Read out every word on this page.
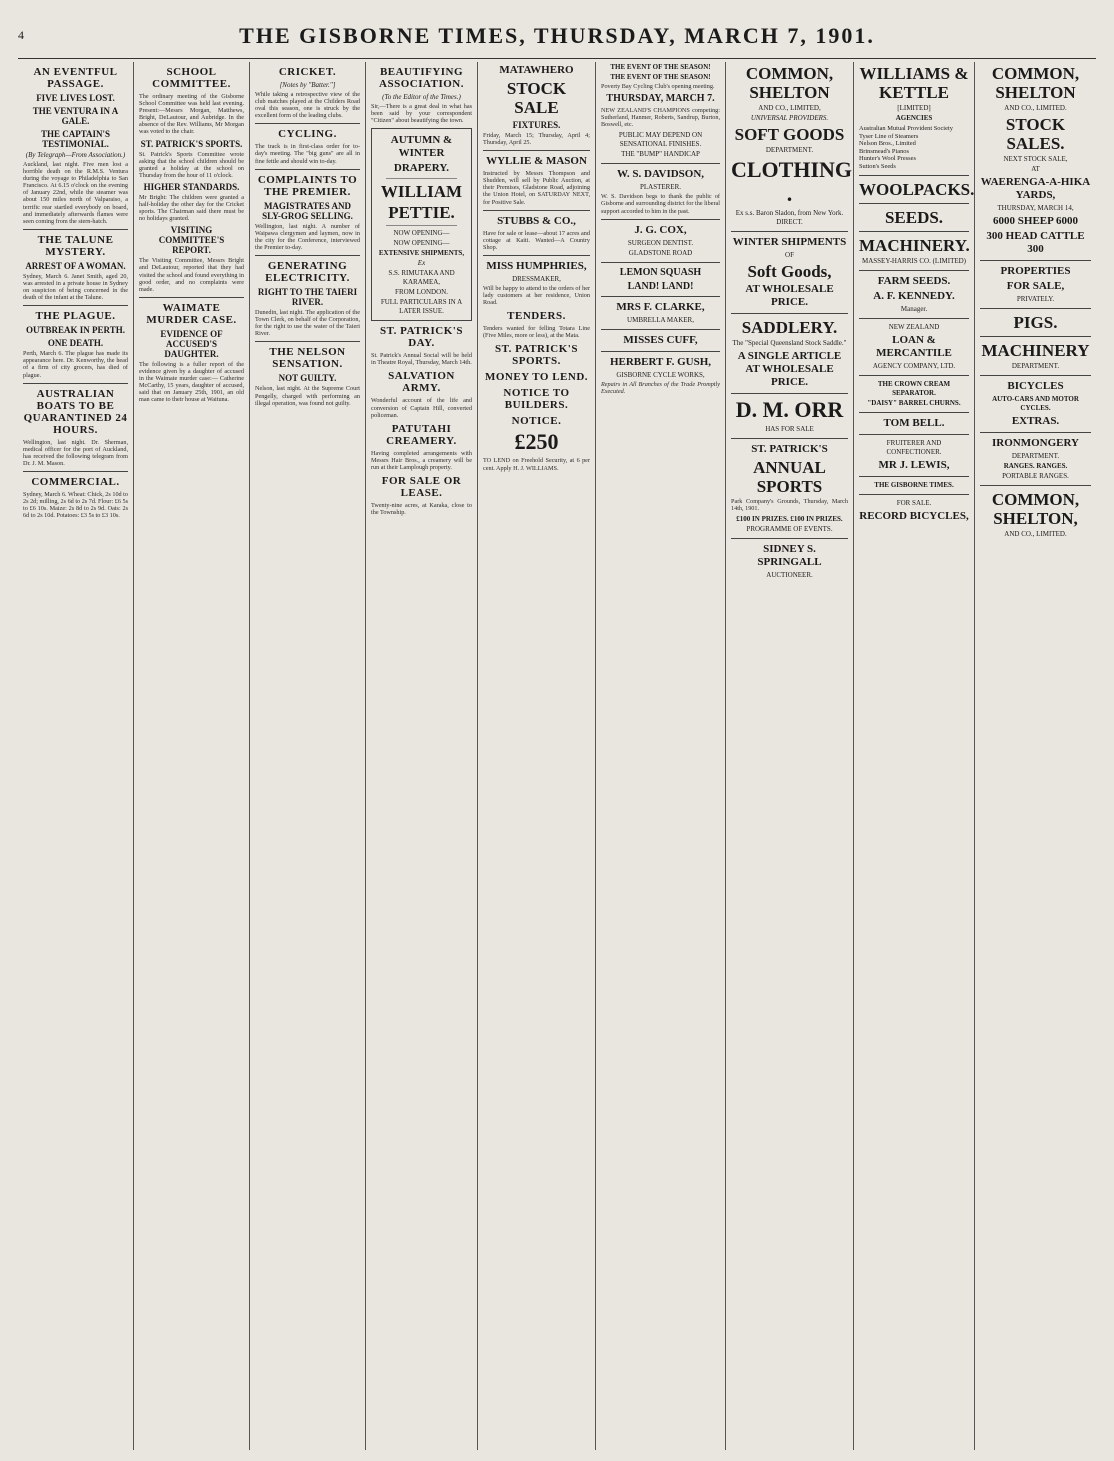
4	THE GISBORNE TIMES, THURSDAY, MARCH 7, 1901.
AN EVENTFUL PASSAGE.
FIVE LIVES LOST.
THE VENTURA IN A GALE.
THE CAPTAIN'S TESTIMONIAL.
(By Telegraph—From Association.)

Auckland, last night. Five men lost a horrible death on the R.M.S. Ventura during the voyage to Philadelphia to San Francisco. At 6.15 o'clock on the evening of January 22nd, while the steamer was about 150 miles north of Valparaiso, a terrific rear startled everybody on board, and immediately afterwards flames were seen coming from the stern-hatch.

THE TALUNE MYSTERY.
ARREST OF A WOMAN.

Sydney, March 6. Janet Smith, aged 20, was arrested in a private house in Sydney on suspicion of being concerned in the death of the infant at the Talune.

THE PLAGUE.
OUTBREAK IN PERTH.
ONE DEATH.

Perth, March 6. The plague has made its appearance here. Dr. Kenworthy, the head of a firm of city grocers, has died of plague.

AUSTRALIAN BOATS TO BE QUARANTINED 24 HOURS.

Wellington, last night. Dr. Sherman, medical officer for the port of Auckland, has received the following telegram from Dr. J. M. Mason.

COMMERCIAL.

Sydney, March 6. Wheat: Chick, 2s 10d to 2s 2d; milling, 2s 6d to 2s 7d. Flour: £6 5s to £6 10s. Maize: 2s 8d to 2s 9d. Oats: 2s 6d to 2s 10d. Potatoes: £3 5s to £3 10s.

SCHOOL COMMITTEE.

The ordinary meeting of the Gisborne School Committee was held last evening. Present:—Messrs Morgan, Matthews, Bright, DeLautour, and Aubridge. In the absence of the Rev. Williams, Mr Morgan was voted to the chair.

ST. PATRICK'S SPORTS.

St. Patrick's Sports Committee wrote asking that the school children should be granted a holiday at the school on Thursday from the hour of 11 o'clock.

HIGHER STANDARDS.

Mr Bright: The children were granted a half-holiday the other day for the Cricket sports. The Chairman said there must be no holidays granted.

VISITING COMMITTEE'S REPORT.

The Visiting Committee, Messrs Bright and DeLautour, reported that they had visited the school and found everything in good order, and no complaints were made.

WAIMATE MURDER CASE.
EVIDENCE OF ACCUSED'S DAUGHTER.

The following is a fuller report of the evidence given by a daughter of accused in the Waimate murder case:— Catherine McCarthy, 15 years, daughter of accused, said that on January 25th, 1901, an old man came to their house at Waituna.

CRICKET.
[Notes by "Batter."]

While taking a retrospective view of the club matches played at the Childers Road oval this season, one is struck by the excellent form of the leading clubs.

CYCLING.

The track is in first-class order for to-day's meeting. The "big guns" are all in fine fettle and should win to-day.

COMPLAINTS TO THE PREMIER.
MAGISTRATES AND SLY-GROG SELLING.

Wellington, last night. A number of Waipawa clergymen and laymen, now in the city for the Conference, interviewed the Premier to-day.

GENERATING ELECTRICITY.
RIGHT TO THE TAIERI RIVER.

Dunedin, last night. The application of the Town Clerk, on behalf of the Corporation, for the right to use the water of the Taieri River.

THE NELSON SENSATION.
NOT GUILTY.

Nelson, last night. At the Supreme Court Pengelly, charged with performing an illegal operation, was found not guilty.

BEAUTIFYING ASSOCIATION.
(To the Editor of the Times.)

Sir,—There is a great deal in what has been said by your correspondent "Citizen" about beautifying the town.

AUTUMN & WINTER
DRAPERY.
WILLIAM
PETTIE.
NOW OPENING—
NOW OPENING—
EXTENSIVE SHIPMENTS,
Ex
S.S. RIMUTAKA AND KARAMEA,
FROM LONDON.
FULL PARTICULARS IN A LATER ISSUE.
ST. PATRICK'S DAY.

St. Patrick's Annual Social will be held in Theatre Royal, Thursday, March 14th.

SALVATION ARMY.

Wonderful account of the life and conversion of Captain Hill, converted policeman.

PATUTAHI CREAMERY.

Having completed arrangements with Messrs Hair Bros., a creamery will be run at their Lamplough property.

FOR SALE OR LEASE.

Twenty-nine acres, at Karaka, close to the Township.

MATAWHERO
STOCK SALE
FIXTURES.

Friday, March 15; Thursday, April 4; Thursday, April 25.

WYLLIE & MASON

Instructed by Messrs Thompson and Shudden, will sell by Public Auction, at their Premises, Gladstone Road, adjoining the Union Hotel, on SATURDAY NEXT, for Positive Sale.

STUBBS & CO.,

Have for sale or lease—about 17 acres and cottage at Kaiti. Wanted—A Country Shop.

MISS HUMPHRIES,
DRESSMAKER,

Will be happy to attend to the orders of her lady customers at her residence, Union Road.

TENDERS.

Tenders wanted for felling Totara Line (Five Miles, more or less), at the Mata.

ST. PATRICK'S SPORTS.
MONEY TO LEND.
NOTICE TO BUILDERS.
NOTICE.
£250

TO LEND on Freehold Security, at 6 per cent. Apply H. J. WILLIAMS.

THE EVENT OF THE SEASON!
THE EVENT OF THE SEASON!

Poverty Bay Cycling Club's opening meeting.

THURSDAY, MARCH 7.

NEW ZEALAND'S CHAMPIONS competing: Sutherland, Hanmer, Roberts, Sandrup, Burton, Boswell, etc.

PUBLIC MAY DEPEND ON SENSATIONAL FINISHES.
THE "BUMP" HANDICAP
W. S. DAVIDSON,
PLASTERER.

W. S. Davidson begs to thank the public of Gisborne and surrounding district for the liberal support accorded to him in the past.

J. G. COX,
SURGEON DENTIST.
GLADSTONE ROAD
LEMON SQUASH
LAND! LAND!
MRS F. CLARKE,
UMBRELLA MAKER,
MISSES CUFF,
HERBERT F. GUSH,
GISBORNE CYCLE WORKS,

Repairs in All Branches of the Trade Promptly Executed.

COMMON, SHELTON
AND CO., LIMITED,
UNIVERSAL PROVIDERS.
SOFT GOODS
DEPARTMENT.
CLOTHING .
Ex s.s. Baron Sladon, from New York. DIRECT.
WINTER SHIPMENTS
OF
Soft Goods,
AT WHOLESALE PRICE.
SADDLERY.
The "Special Queensland Stock Saddle."
A SINGLE ARTICLE AT WHOLESALE PRICE.
D. M. ORR
HAS FOR SALE
ST. PATRICK'S
ANNUAL SPORTS

Park Company's Grounds, Thursday, March 14th, 1901.

£100 IN PRIZES. £100 IN PRIZES.
PROGRAMME OF EVENTS.
SIDNEY S. SPRINGALL
AUCTIONEER.
WILLIAMS & KETTLE
[LIMITED]
AGENCIES
Australian Mutual Provident Society
Tyser Line of Steamers
Nelson Bros., Limited
Brinsmead's Pianos
Hunter's Wool Presses
Sutton's Seeds
WOOLPACKS.
SEEDS.
MACHINERY.
MASSEY-HARRIS CO. (LIMITED)
FARM SEEDS.
A. F. KENNEDY.
Manager.
NEW ZEALAND
LOAN & MERCANTILE
AGENCY COMPANY, LTD.
THE CROWN CREAM SEPARATOR.
"DAISY" BARREL CHURNS.
TOM BELL.
FRUITERER AND CONFECTIONER.
MR J. LEWIS,
THE GISBORNE TIMES.
FOR SALE.
RECORD BICYCLES,
COMMON, SHELTON
AND CO., LIMITED.
STOCK SALES.
NEXT STOCK SALE,
AT
WAERENGA-A-HIKA YARDS,
THURSDAY, MARCH 14,
6000 SHEEP 6000
300 HEAD CATTLE 300
PROPERTIES
FOR SALE,
PRIVATELY.
PIGS.
MACHINERY
DEPARTMENT.
BICYCLES
AUTO-CARS AND MOTOR CYCLES.
EXTRAS.
IRONMONGERY
DEPARTMENT.
RANGES. RANGES.
PORTABLE RANGES.
COMMON, SHELTON,
AND CO., LIMITED.
